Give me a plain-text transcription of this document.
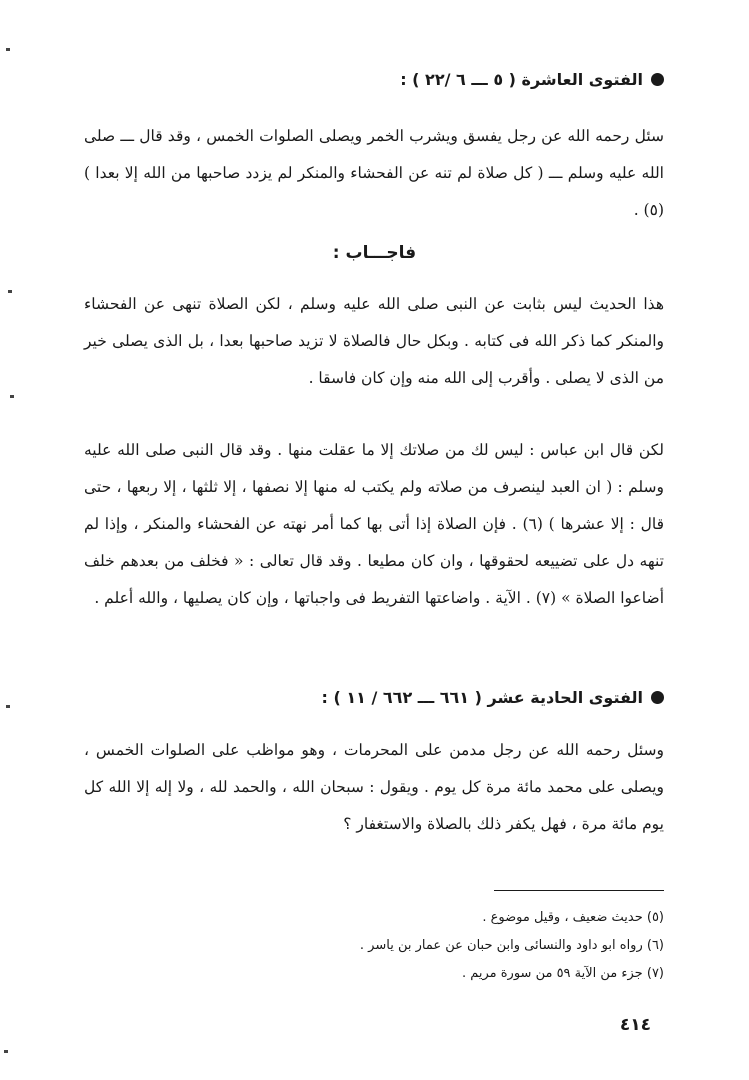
الفتوى العاشرة ( ٥ ـــ ٦ /٢٢ ) :

سئل رحمه الله عن رجل يفسق ويشرب الخمر ويصلى الصلوات الخمس ، وقد قال ـــ صلى الله عليه وسلم ـــ ( كل صلاة لم تنه عن الفحشاء والمنكر لم يزدد صاحبها من الله إلا بعدا ) (٥) .

فاجـــاب :

هذا الحديث ليس بثابت عن النبى صلى الله عليه وسلم ، لكن الصلاة تنهى عن الفحشاء والمنكر كما ذكر الله فى كتابه . وبكل حال فالصلاة لا تزيد صاحبها بعدا ، بل الذى يصلى خير من الذى لا يصلى . وأقرب إلى الله منه وإن كان فاسقا .

لكن قال ابن عباس : ليس لك من صلاتك إلا ما عقلت منها . وقد قال النبى صلى الله عليه وسلم : ( ان العبد لينصرف من صلاته ولم يكتب له منها إلا نصفها ، إلا ثلثها ، إلا ربعها ، حتى قال : إلا عشرها ) (٦) . فإن الصلاة إذا أتى بها كما أمر نهته عن الفحشاء والمنكر ، وإذا لم تنهه دل على تضييعه لحقوقها ، وان كان مطيعا . وقد قال تعالى : « فخلف من بعدهم خلف أضاعوا الصلاة » (٧) . الآية . واضاعتها التفريط فى واجباتها ، وإن كان يصليها ، والله أعلم .

الفتوى الحادية عشر ( ٦٦١ ـــ ٦٦٢ / ١١ ) :

وسئل رحمه الله عن رجل مدمن على المحرمات ، وهو مواظب على الصلوات الخمس ، ويصلى على محمد مائة مرة كل يوم . ويقول : سبحان الله ، والحمد لله ، ولا إله إلا الله كل يوم مائة مرة ، فهل يكفر ذلك بالصلاة والاستغفار ؟

(٥) حديث ضعيف ، وقيل موضوع .
(٦) رواه ابو داود والنسائى وابن حبان عن عمار بن ياسر .
(٧) جزء من الآية ٥٩ من سورة مريم .
٤١٤
